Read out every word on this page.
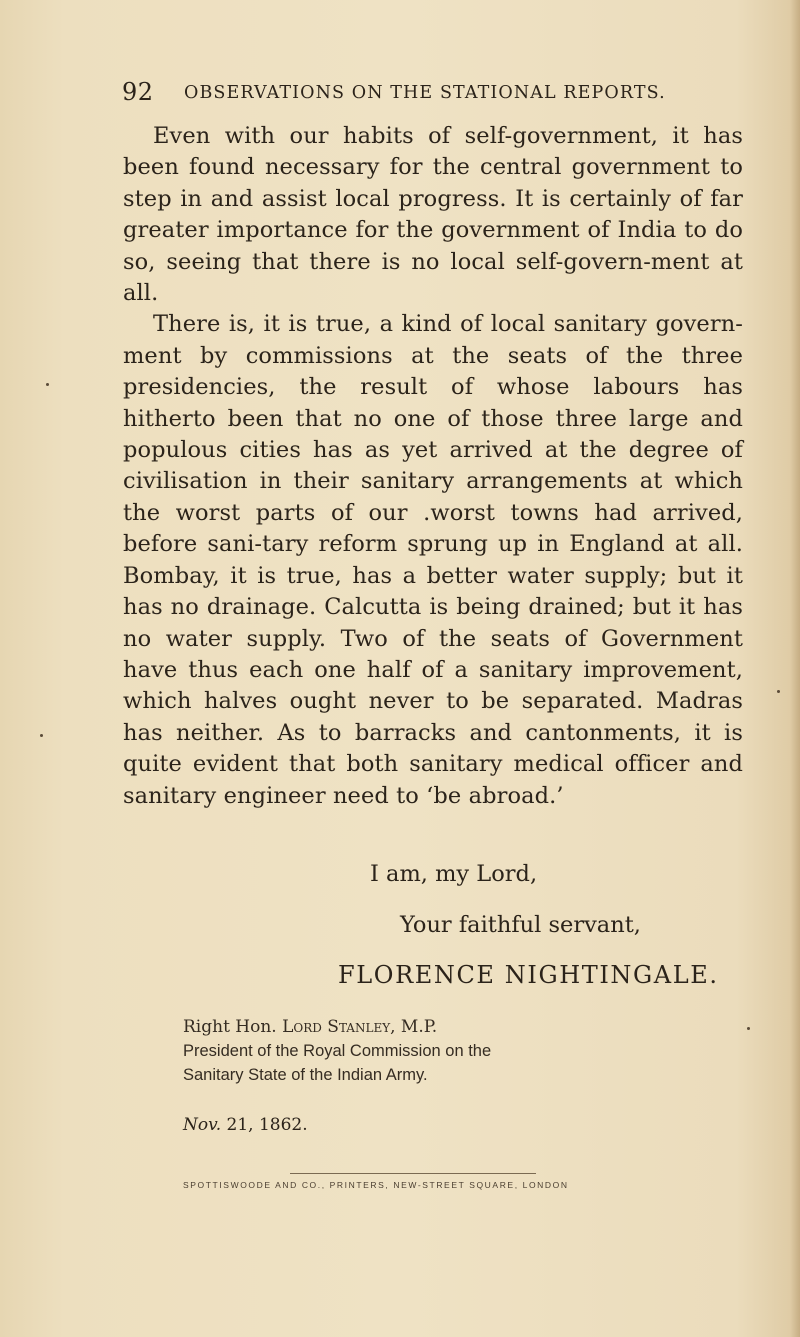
92 OBSERVATIONS ON THE STATIONAL REPORTS.

Even with our habits of self-government, it has been found necessary for the central government to step in and assist local progress. It is certainly of far greater importance for the government of India to do so, seeing that there is no local self-govern-ment at all.

There is, it is true, a kind of local sanitary govern-ment by commissions at the seats of the three presidencies, the result of whose labours has hitherto been that no one of those three large and populous cities has as yet arrived at the degree of civilisation in their sanitary arrangements at which the worst parts of our .worst towns had arrived, before sani-tary reform sprung up in England at all. Bombay, it is true, has a better water supply; but it has no drainage. Calcutta is being drained; but it has no water supply. Two of the seats of Government have thus each one half of a sanitary improvement, which halves ought never to be separated. Madras has neither. As to barracks and cantonments, it is quite evident that both sanitary medical officer and sanitary engineer need to ‘be abroad.’

I am, my Lord,
Your faithful servant,
FLORENCE NIGHTINGALE.
Right Hon. Lord Stanley, M.P.
President of the Royal Commission on the
Sanitary State of the Indian Army.
Nov. 21, 1862.
SPOTTISWOODE AND CO., PRINTERS, NEW-STREET SQUARE, LONDON
